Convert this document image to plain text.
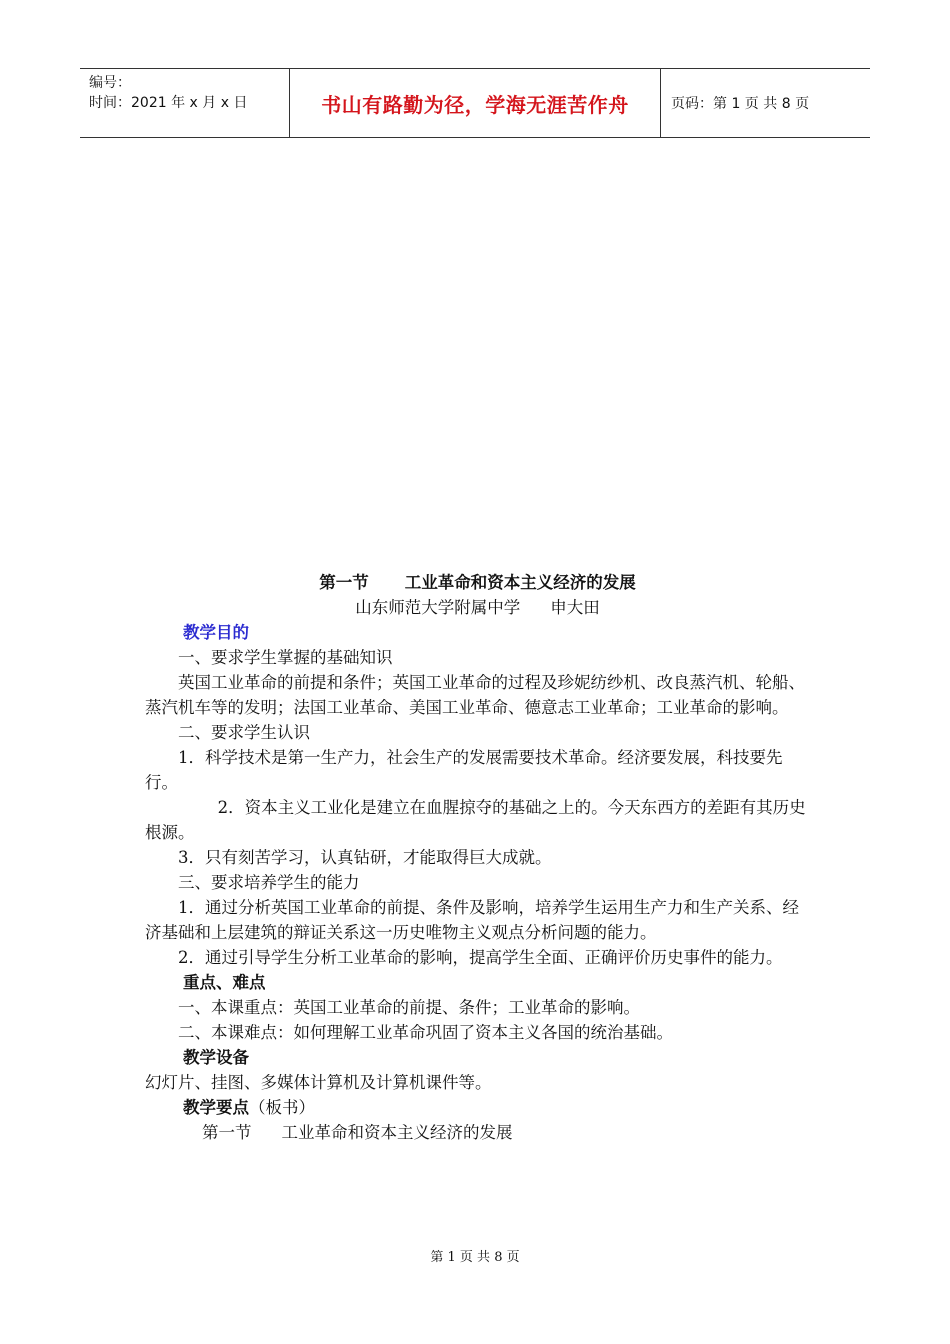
编号：
时间：2021 年 x 月 x 日	书山有路勤为径，学海无涯苦作舟	页码：第 1 页 共 8 页

第一节 工业革命和资本主义经济的发展

山东师范大学附属中学 申大田

教学目的

一、要求学生掌握的基础知识

英国工业革命的前提和条件；英国工业革命的过程及珍妮纺纱机、改良蒸汽机、轮船、蒸汽机车等的发明；法国工业革命、美国工业革命、德意志工业革命；工业革命的影响。

二、要求学生认识

1．科学技术是第一生产力，社会生产的发展需要技术革命。经济要发展，科技要先行。

2．资本主义工业化是建立在血腥掠夺的基础之上的。今天东西方的差距有其历史根源。

3．只有刻苦学习，认真钻研，才能取得巨大成就。

三、要求培养学生的能力

1．通过分析英国工业革命的前提、条件及影响，培养学生运用生产力和生产关系、经济基础和上层建筑的辩证关系这一历史唯物主义观点分析问题的能力。

2．通过引导学生分析工业革命的影响，提高学生全面、正确评价历史事件的能力。

重点、难点

一、本课重点：英国工业革命的前提、条件；工业革命的影响。

二、本课难点：如何理解工业革命巩固了资本主义各国的统治基础。

教学设备

幻灯片、挂图、多媒体计算机及计算机课件等。

教学要点（板书）

第一节 工业革命和资本主义经济的发展

第 1 页 共 8 页
